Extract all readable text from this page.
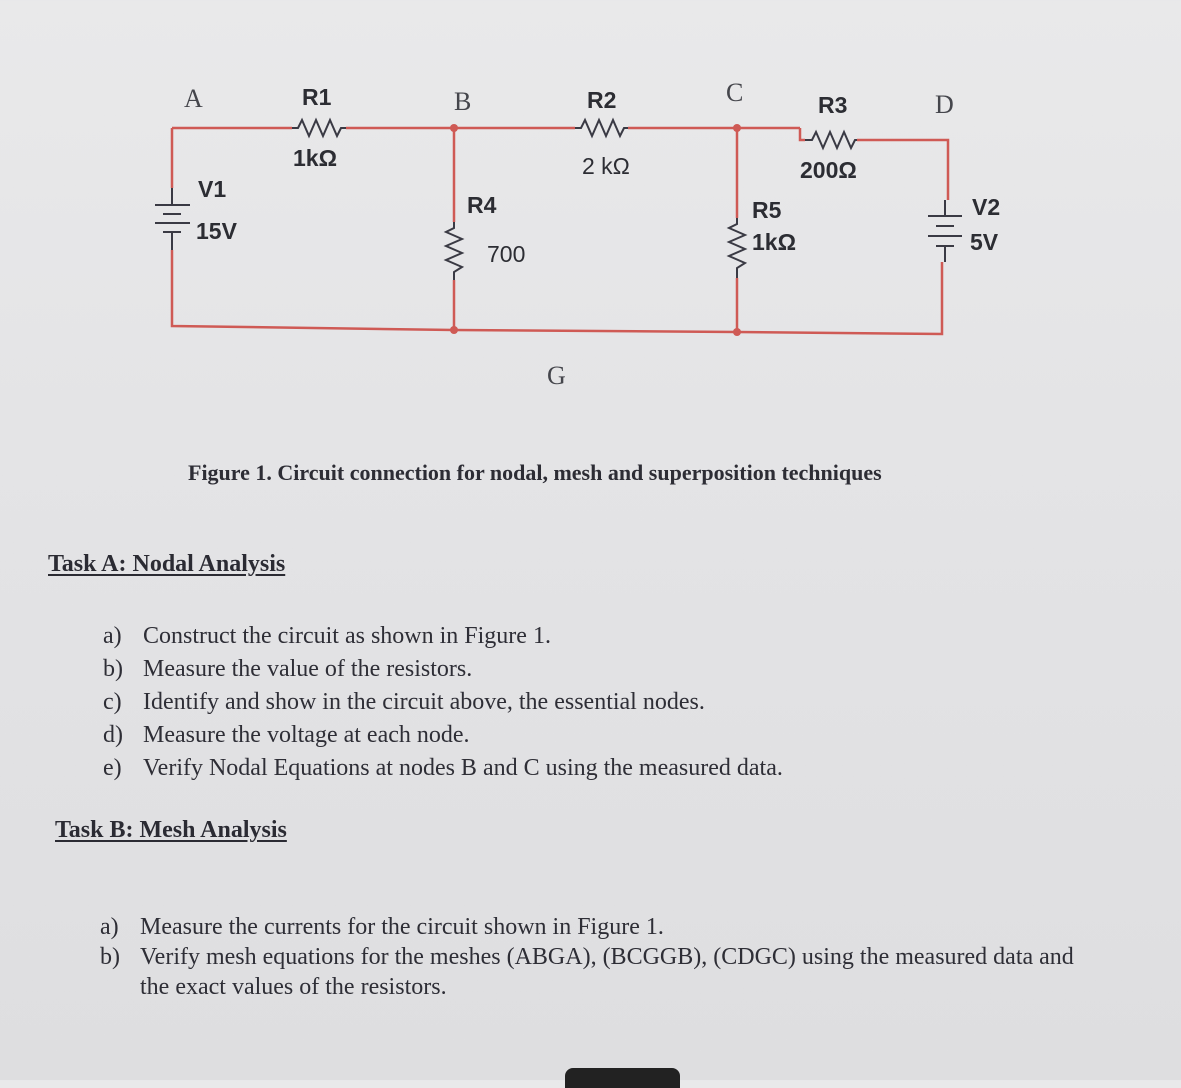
A	B	C	D
G
R1
1kΩ
R2
2 kΩ
R3
200Ω
R4
700
R5
1kΩ
V1
15V
V2
5V
Figure 1. Circuit connection for nodal, mesh and superposition techniques
Task A: Nodal Analysis
a) Construct the circuit as shown in Figure 1.
b) Measure the value of the resistors.
c) Identify and show in the circuit above, the essential nodes.
d) Measure the voltage at each node.
e) Verify Nodal Equations at nodes B and C using the measured data.
Task B: Mesh Analysis
a) Measure the currents for the circuit shown in Figure 1.
b) Verify mesh equations for the meshes (ABGA), (BCGGB), (CDGC) using the measured data and the exact values of the resistors.
